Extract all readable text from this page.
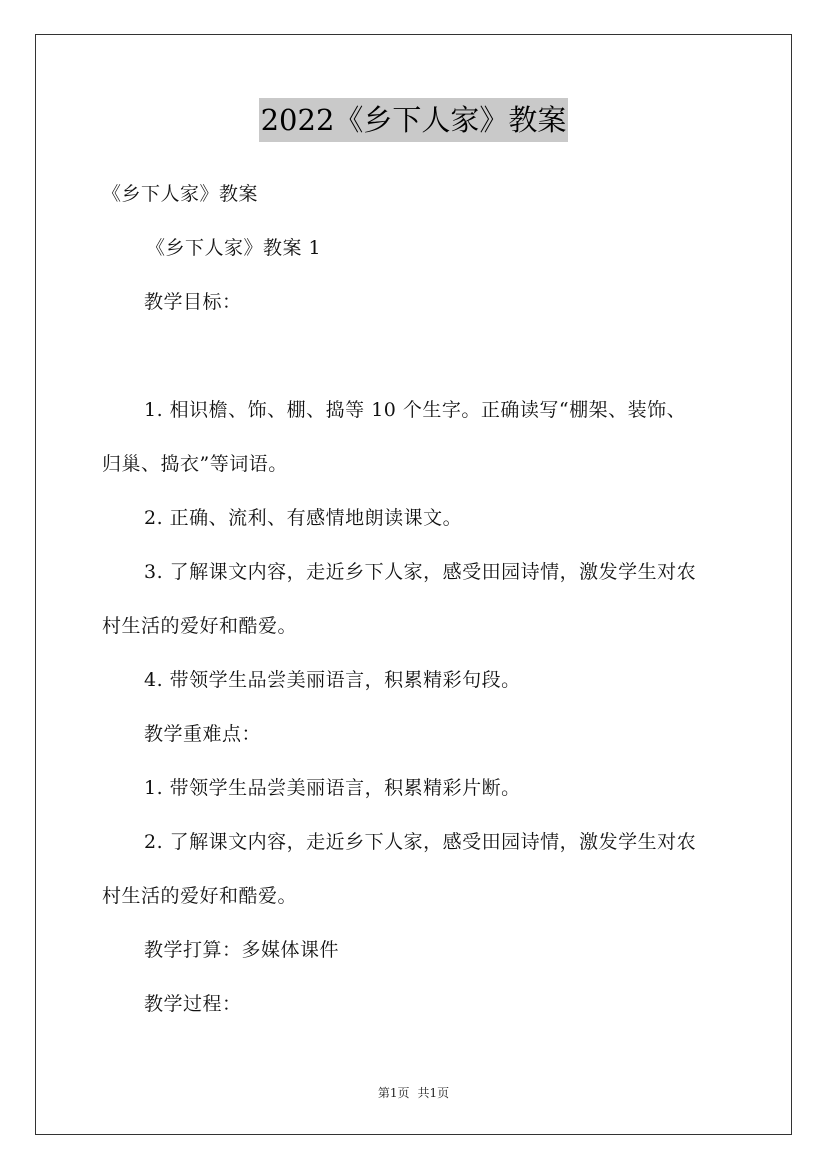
2022《乡下人家》教案
《乡下人家》教案
《乡下人家》教案 1
教学目标：
1. 相识檐、饰、棚、捣等 10 个生字。正确读写“棚架、装饰、
归巢、捣衣”等词语。
2. 正确、流利、有感情地朗读课文。
3. 了解课文内容，走近乡下人家，感受田园诗情，激发学生对农
村生活的爱好和酷爱。
4. 带领学生品尝美丽语言，积累精彩句段。
教学重难点：
1. 带领学生品尝美丽语言，积累精彩片断。
2. 了解课文内容，走近乡下人家，感受田园诗情，激发学生对农
村生活的爱好和酷爱。
教学打算：多媒体课件
教学过程：
第1页 共1页
